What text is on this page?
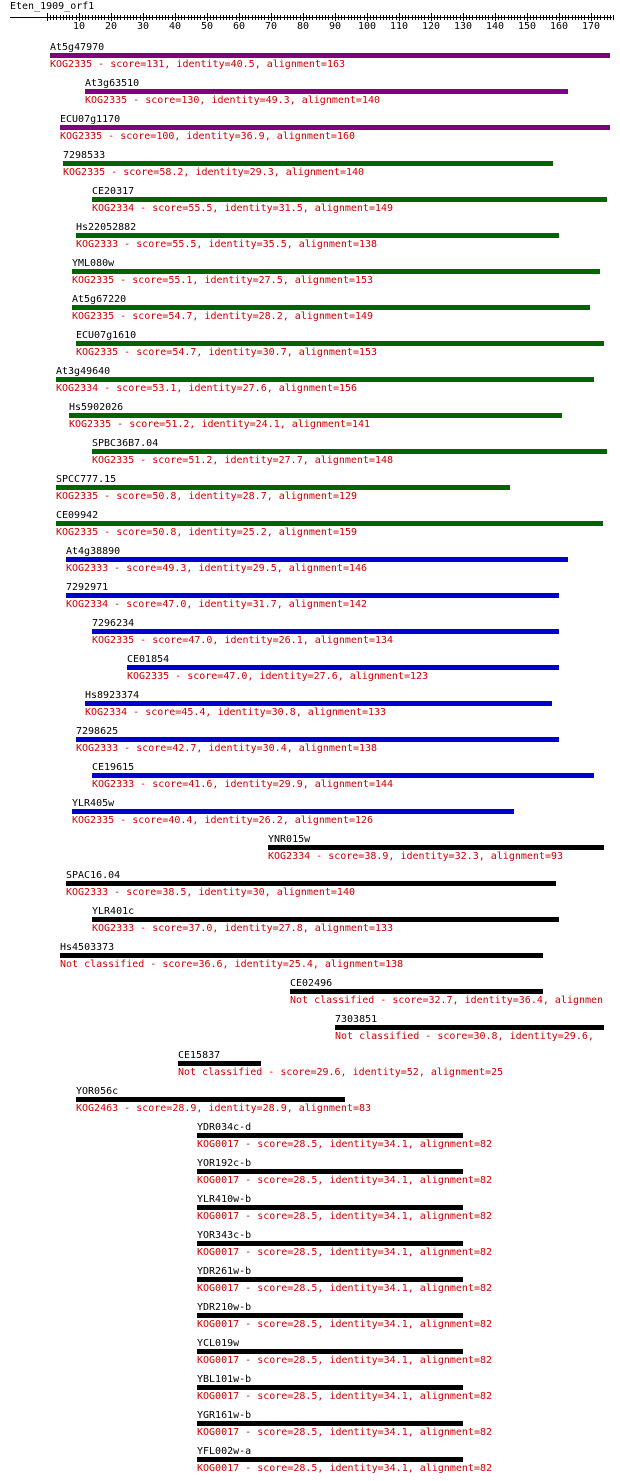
Eten_1909_orf1
10 20 30 40 50 60 70 80 90 100 110 120 130 140 150 160 170
At5g47970
KOG2335 - score=131, identity=40.5, alignment=163
At3g63510
KOG2335 - score=130, identity=49.3, alignment=140
ECU07g1170
KOG2335 - score=100, identity=36.9, alignment=160
7298533
KOG2335 - score=58.2, identity=29.3, alignment=140
CE20317
KOG2334 - score=55.5, identity=31.5, alignment=149
Hs22052882
KOG2333 - score=55.5, identity=35.5, alignment=138
YML080w
KOG2335 - score=55.1, identity=27.5, alignment=153
At5g67220
KOG2335 - score=54.7, identity=28.2, alignment=149
ECU07g1610
KOG2335 - score=54.7, identity=30.7, alignment=153
At3g49640
KOG2334 - score=53.1, identity=27.6, alignment=156
Hs5902026
KOG2335 - score=51.2, identity=24.1, alignment=141
SPBC36B7.04
KOG2335 - score=51.2, identity=27.7, alignment=148
SPCC777.15
KOG2335 - score=50.8, identity=28.7, alignment=129
CE09942
KOG2335 - score=50.8, identity=25.2, alignment=159
At4g38890
KOG2333 - score=49.3, identity=29.5, alignment=146
7292971
KOG2334 - score=47.0, identity=31.7, alignment=142
7296234
KOG2335 - score=47.0, identity=26.1, alignment=134
CE01854
KOG2335 - score=47.0, identity=27.6, alignment=123
Hs8923374
KOG2334 - score=45.4, identity=30.8, alignment=133
7298625
KOG2333 - score=42.7, identity=30.4, alignment=138
CE19615
KOG2333 - score=41.6, identity=29.9, alignment=144
YLR405w
KOG2335 - score=40.4, identity=26.2, alignment=126
YNR015w
KOG2334 - score=38.9, identity=32.3, alignment=93
SPAC16.04
KOG2333 - score=38.5, identity=30, alignment=140
YLR401c
KOG2333 - score=37.0, identity=27.8, alignment=133
Hs4503373
Not classified - score=36.6, identity=25.4, alignment=138
CE02496
Not classified - score=32.7, identity=36.4, alignmen
7303851
Not classified - score=30.8, identity=29.6,
CE15837
Not classified - score=29.6, identity=52, alignment=25
YOR056c
KOG2463 - score=28.9, identity=28.9, alignment=83
YDR034c-d
KOG0017 - score=28.5, identity=34.1, alignment=82
YOR192c-b
KOG0017 - score=28.5, identity=34.1, alignment=82
YLR410w-b
KOG0017 - score=28.5, identity=34.1, alignment=82
YOR343c-b
KOG0017 - score=28.5, identity=34.1, alignment=82
YDR261w-b
KOG0017 - score=28.5, identity=34.1, alignment=82
YDR210w-b
KOG0017 - score=28.5, identity=34.1, alignment=82
YCL019w
KOG0017 - score=28.5, identity=34.1, alignment=82
YBL101w-b
KOG0017 - score=28.5, identity=34.1, alignment=82
YGR161w-b
KOG0017 - score=28.5, identity=34.1, alignment=82
YFL002w-a
KOG0017 - score=28.5, identity=34.1, alignment=82
